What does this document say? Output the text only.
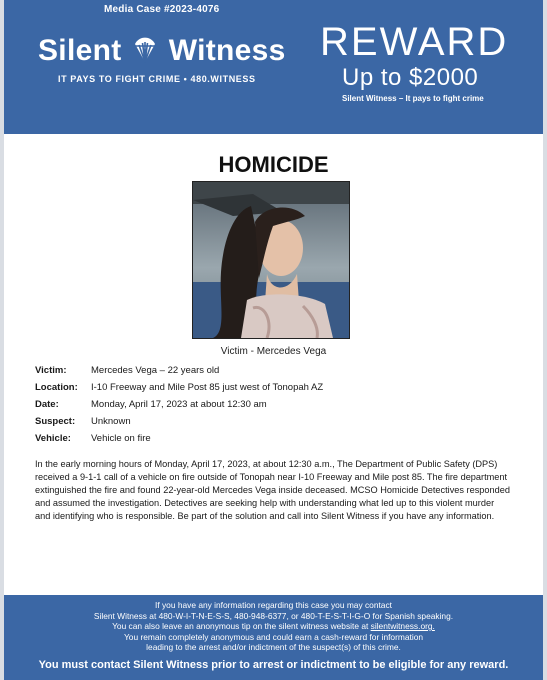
Media Case #2023-4076
Silent Witness
IT PAYS TO FIGHT CRIME • 480.WITNESS
REWARD
Up to $2000
Silent Witness – It pays to fight crime
HOMICIDE
Victim - Mercedes Vega
Victim:	Mercedes Vega – 22 years old
Location:	I-10 Freeway and Mile Post 85 just west of Tonopah AZ
Date:	Monday, April 17, 2023 at about 12:30 am
Suspect:	Unknown
Vehicle:	Vehicle on fire
In the early morning hours of Monday, April 17, 2023, at about 12:30 a.m., The Department of Public Safety (DPS) received a 9-1-1 call of a vehicle on fire outside of Tonopah near I-10 Freeway and Mile post 85. The fire department extinguished the fire and found 22-year-old Mercedes Vega inside deceased. MCSO Homicide Detectives responded and assumed the investigation. Detectives are seeking help with understanding what led up to this violent murder and identifying who is responsible. Be part of the solution and call into Silent Witness if you have any information.
If you have any information regarding this case you may contact
Silent Witness at 480-W-I-T-N-E-S-S, 480-948-6377, or 480-T-E-S-T-I-G-O for Spanish speaking.
You can also leave an anonymous tip on the silent witness website at silentwitness.org.
You remain completely anonymous and could earn a cash-reward for information
leading to the arrest and/or indictment of the suspect(s) of this crime.
You must contact Silent Witness prior to arrest or indictment to be eligible for any reward.
